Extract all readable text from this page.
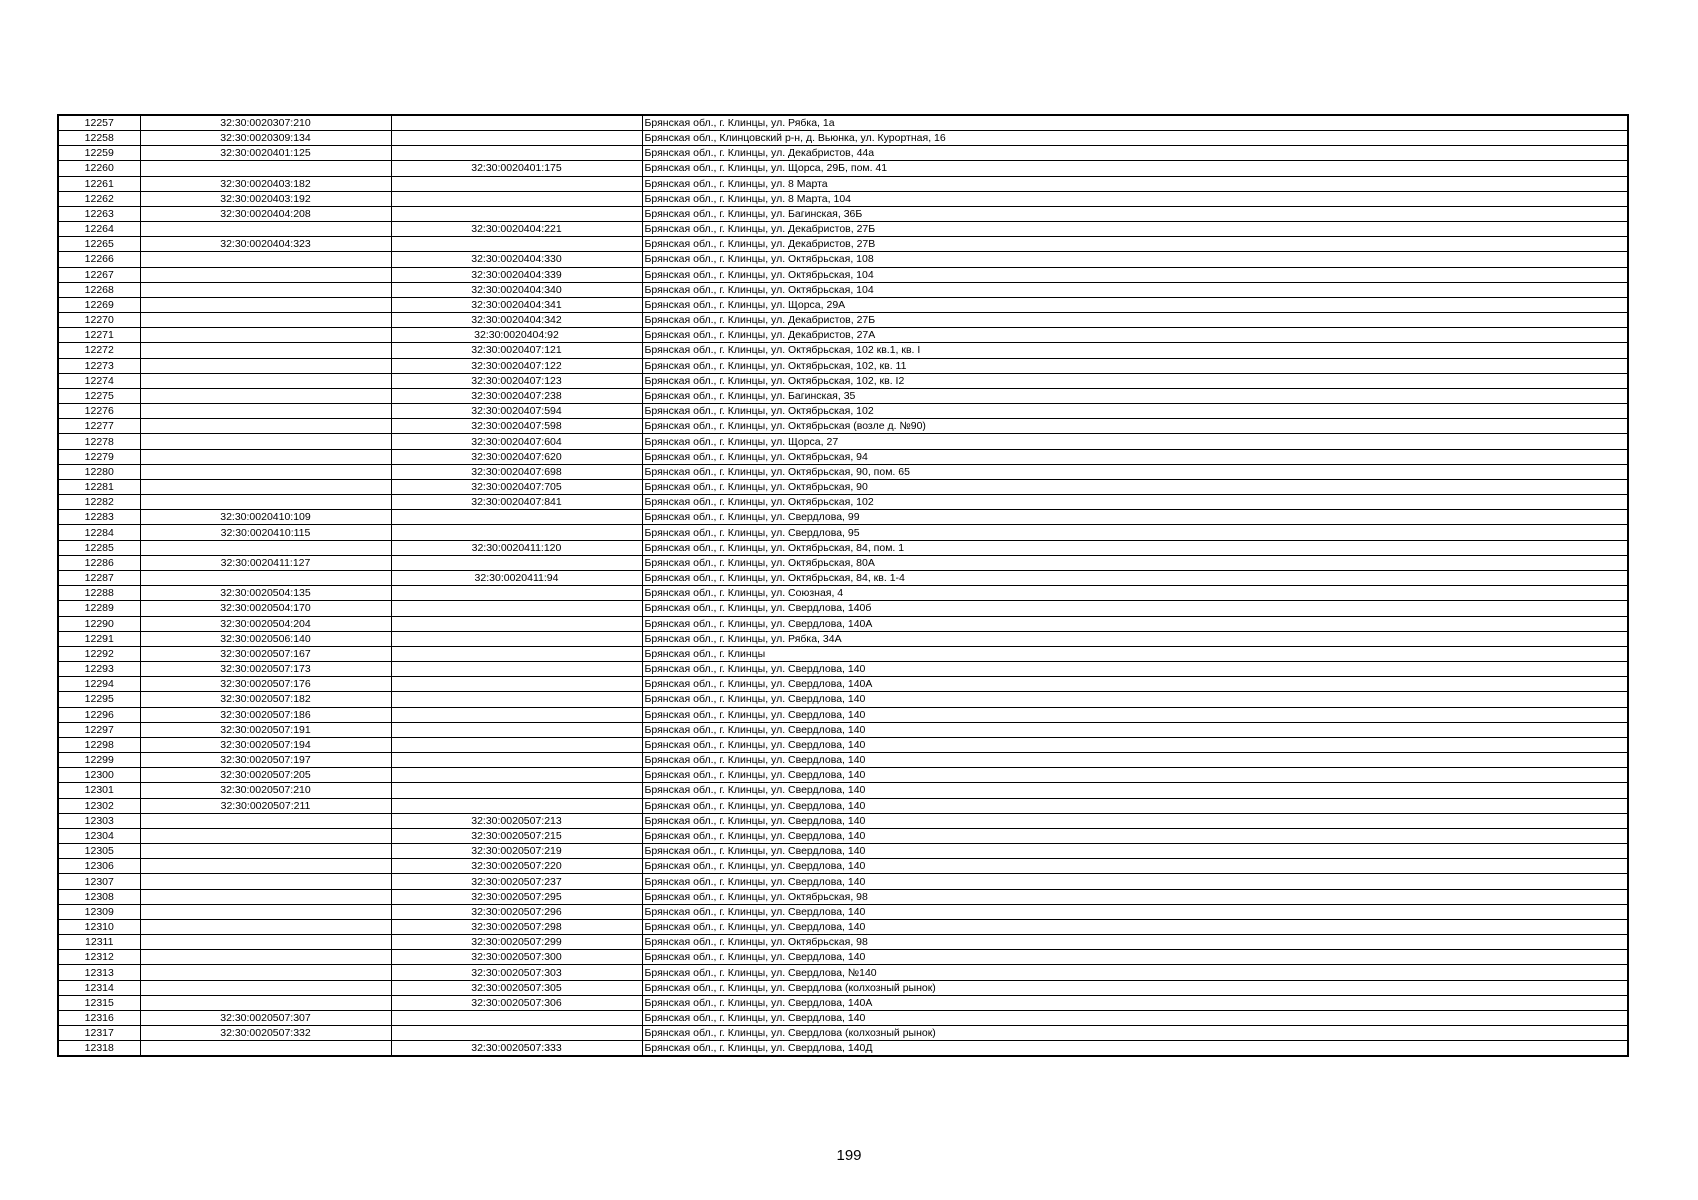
12257	32:30:0020307:210		Брянская обл., г. Клинцы, ул. Рябка, 1а
12258	32:30:0020309:134		Брянская обл., Клинцовский р-н, д. Вьюнка, ул. Курортная, 16
12259	32:30:0020401:125		Брянская обл., г. Клинцы, ул. Декабристов, 44а
12260		32:30:0020401:175	Брянская обл., г. Клинцы, ул. Щорса, 29Б, пом. 41
12261	32:30:0020403:182		Брянская обл., г. Клинцы, ул. 8 Марта
12262	32:30:0020403:192		Брянская обл., г. Клинцы, ул. 8 Марта, 104
12263	32:30:0020404:208		Брянская обл., г. Клинцы, ул. Багинская, 36Б
12264		32:30:0020404:221	Брянская обл., г. Клинцы, ул. Декабристов, 27Б
12265	32:30:0020404:323		Брянская обл., г. Клинцы, ул. Декабристов, 27В
12266		32:30:0020404:330	Брянская обл., г. Клинцы, ул. Октябрьская, 108
12267		32:30:0020404:339	Брянская обл., г. Клинцы, ул. Октябрьская, 104
12268		32:30:0020404:340	Брянская обл., г. Клинцы, ул. Октябрьская, 104
12269		32:30:0020404:341	Брянская обл., г. Клинцы, ул. Щорса, 29А
12270		32:30:0020404:342	Брянская обл., г. Клинцы, ул. Декабристов, 27Б
12271		32:30:0020404:92	Брянская обл., г. Клинцы, ул. Декабристов, 27А
12272		32:30:0020407:121	Брянская обл., г. Клинцы, ул. Октябрьская, 102 кв.1, кв. I
12273		32:30:0020407:122	Брянская обл., г. Клинцы, ул. Октябрьская, 102, кв. 11
12274		32:30:0020407:123	Брянская обл., г. Клинцы, ул. Октябрьская, 102, кв. I2
12275		32:30:0020407:238	Брянская обл., г. Клинцы, ул. Багинская, 35
12276		32:30:0020407:594	Брянская обл., г. Клинцы, ул. Октябрьская, 102
12277		32:30:0020407:598	Брянская обл., г. Клинцы, ул. Октябрьская (возле д. №90)
12278		32:30:0020407:604	Брянская обл., г. Клинцы, ул. Щорса, 27
12279		32:30:0020407:620	Брянская обл., г. Клинцы, ул. Октябрьская, 94
12280		32:30:0020407:698	Брянская обл., г. Клинцы, ул. Октябрьская, 90, пом. 65
12281		32:30:0020407:705	Брянская обл., г. Клинцы, ул. Октябрьская, 90
12282		32:30:0020407:841	Брянская обл., г. Клинцы, ул. Октябрьская, 102
12283	32:30:0020410:109		Брянская обл., г. Клинцы, ул. Свердлова, 99
12284	32:30:0020410:115		Брянская обл., г. Клинцы, ул. Свердлова, 95
12285		32:30:0020411:120	Брянская обл., г. Клинцы, ул. Октябрьская, 84, пом. 1
12286	32:30:0020411:127		Брянская обл., г. Клинцы, ул. Октябрьская, 80А
12287		32:30:0020411:94	Брянская обл., г. Клинцы, ул. Октябрьская, 84, кв. 1-4
12288	32:30:0020504:135		Брянская обл., г. Клинцы, ул. Союзная, 4
12289	32:30:0020504:170		Брянская обл., г. Клинцы, ул. Свердлова, 140б
12290	32:30:0020504:204		Брянская обл., г. Клинцы, ул. Свердлова, 140А
12291	32:30:0020506:140		Брянская обл., г. Клинцы, ул. Рябка, 34А
12292	32:30:0020507:167		Брянская обл., г. Клинцы
12293	32:30:0020507:173		Брянская обл., г. Клинцы, ул. Свердлова, 140
12294	32:30:0020507:176		Брянская обл., г. Клинцы, ул. Свердлова, 140А
12295	32:30:0020507:182		Брянская обл., г. Клинцы, ул. Свердлова, 140
12296	32:30:0020507:186		Брянская обл., г. Клинцы, ул. Свердлова, 140
12297	32:30:0020507:191		Брянская обл., г. Клинцы, ул. Свердлова, 140
12298	32:30:0020507:194		Брянская обл., г. Клинцы, ул. Свердлова, 140
12299	32:30:0020507:197		Брянская обл., г. Клинцы, ул. Свердлова, 140
12300	32:30:0020507:205		Брянская обл., г. Клинцы, ул. Свердлова, 140
12301	32:30:0020507:210		Брянская обл., г. Клинцы, ул. Свердлова, 140
12302	32:30:0020507:211		Брянская обл., г. Клинцы, ул. Свердлова, 140
12303		32:30:0020507:213	Брянская обл., г. Клинцы, ул. Свердлова, 140
12304		32:30:0020507:215	Брянская обл., г. Клинцы, ул. Свердлова, 140
12305		32:30:0020507:219	Брянская обл., г. Клинцы, ул. Свердлова, 140
12306		32:30:0020507:220	Брянская обл., г. Клинцы, ул. Свердлова, 140
12307		32:30:0020507:237	Брянская обл., г. Клинцы, ул. Свердлова, 140
12308		32:30:0020507:295	Брянская обл., г. Клинцы, ул. Октябрьская, 98
12309		32:30:0020507:296	Брянская обл., г. Клинцы, ул. Свердлова, 140
12310		32:30:0020507:298	Брянская обл., г. Клинцы, ул. Свердлова, 140
12311		32:30:0020507:299	Брянская обл., г. Клинцы, ул. Октябрьская, 98
12312		32:30:0020507:300	Брянская обл., г. Клинцы, ул. Свердлова, 140
12313		32:30:0020507:303	Брянская обл., г. Клинцы, ул. Свердлова, №140
12314		32:30:0020507:305	Брянская обл., г. Клинцы, ул. Свердлова (колхозный рынок)
12315		32:30:0020507:306	Брянская обл., г. Клинцы, ул. Свердлова, 140А
12316	32:30:0020507:307		Брянская обл., г. Клинцы, ул. Свердлова, 140
12317	32:30:0020507:332		Брянская обл., г. Клинцы, ул. Свердлова (колхозный рынок)
12318		32:30:0020507:333	Брянская обл., г. Клинцы, ул. Свердлова, 140Д
199
